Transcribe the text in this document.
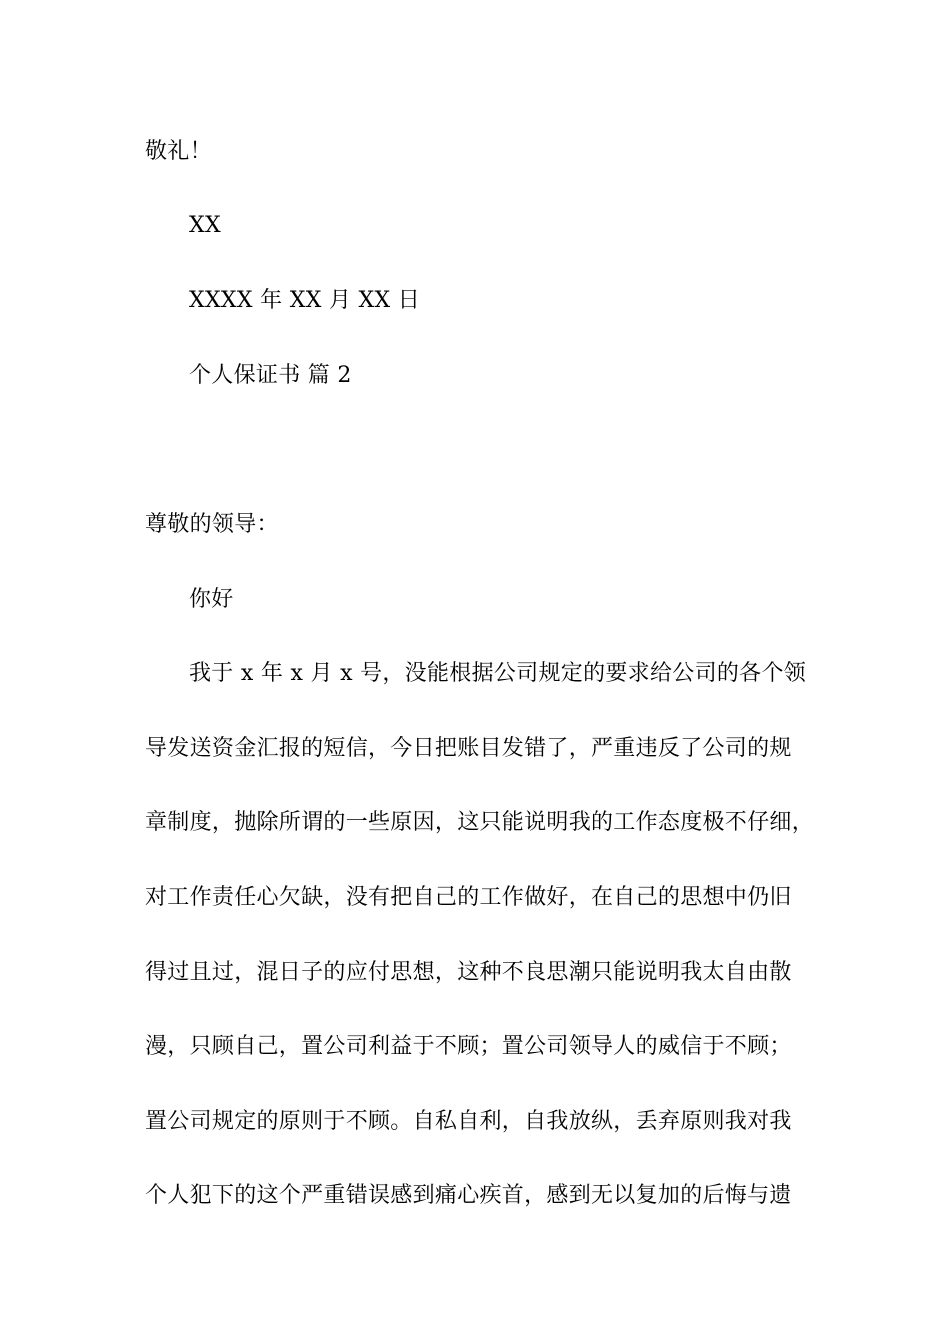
敬礼！
XX
XXXX 年 XX 月 XX 日
个人保证书 篇 2
尊敬的领导：
你好
我于 x 年 x 月 x 号，没能根据公司规定的要求给公司的各个领
导发送资金汇报的短信，今日把账目发错了，严重违反了公司的规
章制度，抛除所谓的一些原因，这只能说明我的工作态度极不仔细，
对工作责任心欠缺，没有把自己的工作做好，在自己的思想中仍旧
得过且过，混日子的应付思想，这种不良思潮只能说明我太自由散
漫，只顾自己，置公司利益于不顾；置公司领导人的威信于不顾；
置公司规定的原则于不顾。自私自利，自我放纵，丢弃原则我对我
个人犯下的这个严重错误感到痛心疾首，感到无以复加的后悔与遗
